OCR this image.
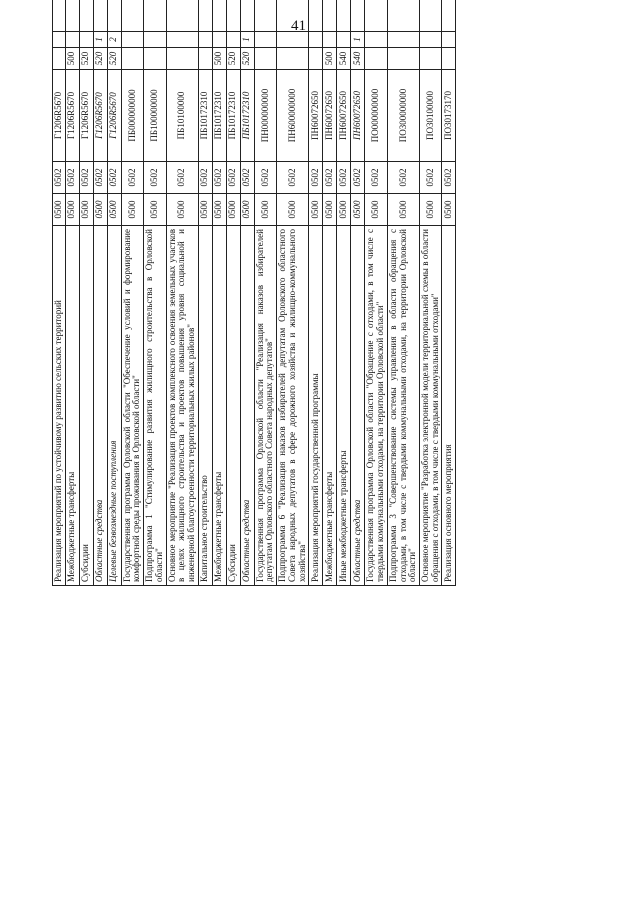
41
Реализация мероприятий по устойчивому развитию сельских территорий	0500	0502	Г1206R5670					
Межбюджетные трансферты	0500	0502	Г1206R5670	500				
Субсидии	0500	0502	Г1206R5670	520				
Областные средства	0500	0502	Г1206R5670	520	1			
Целевые безвозмездные поступления	0500	0502	Г1206R5670	520	2			
Государственная программа Орловской области "Обеспечение условий и формирование комфортной среды проживания в Орловской области"	0500	0502	ПБ000000000					
Подпрограмма 1 "Стимулирование развития жилищного строительства в Орловской области"	0500	0502	ПБ100000000					
Основное мероприятие "Реализация проектов комплексного освоения земельных участков в целях жилищного строительства и проектов повышения уровня социальной и инженерной благоустроенности территориальных жилых районов"	0500	0502	ПБ10100000					
Капитальное строительство	0500	0502	ПБ10172310					
Межбюджетные трансферты	0500	0502	ПБ10172310	500				
Субсидии	0500	0502	ПБ10172310	520				
Областные средства	0500	0502	ПБ10172310	520	1			
Государственная программа Орловской области "Реализация наказов избирателей депутатам Орловского областного Совета народных депутатов"	0500	0502	ПН000000000					
Подпрограмма 6 "Реализация наказов избирателей депутатам Орловского областного Совета народных депутатов в сфере дорожного хозяйства и жилищно-коммунального хозяйства"	0500	0502	ПН600000000					
Реализация мероприятий государственной программы	0500	0502	ПН60072650					
Межбюджетные трансферты	0500	0502	ПН60072650	500				
Иные межбюджетные трансферты	0500	0502	ПН60072650	540				
Областные средства	0500	0502	ПН60072650	540	1			
Государственная программа Орловской области "Обращение с отходами, в том числе с твердыми коммунальными отходами, на территории Орловской области"	0500	0502	ПО000000000					
Подпрограмма 3 "Совершенствование системы управления в области обращения с отходами, в том числе с твердыми коммунальными отходами, на территории Орловской области"	0500	0502	ПО300000000					
Основное мероприятие "Разработка электронной модели территориальной схемы в области обращения с отходами, в том числе с твердыми коммунальными отходами"	0500	0502	ПО30100000					
Реализация основного мероприятия	0500	0502	ПО30173170					
